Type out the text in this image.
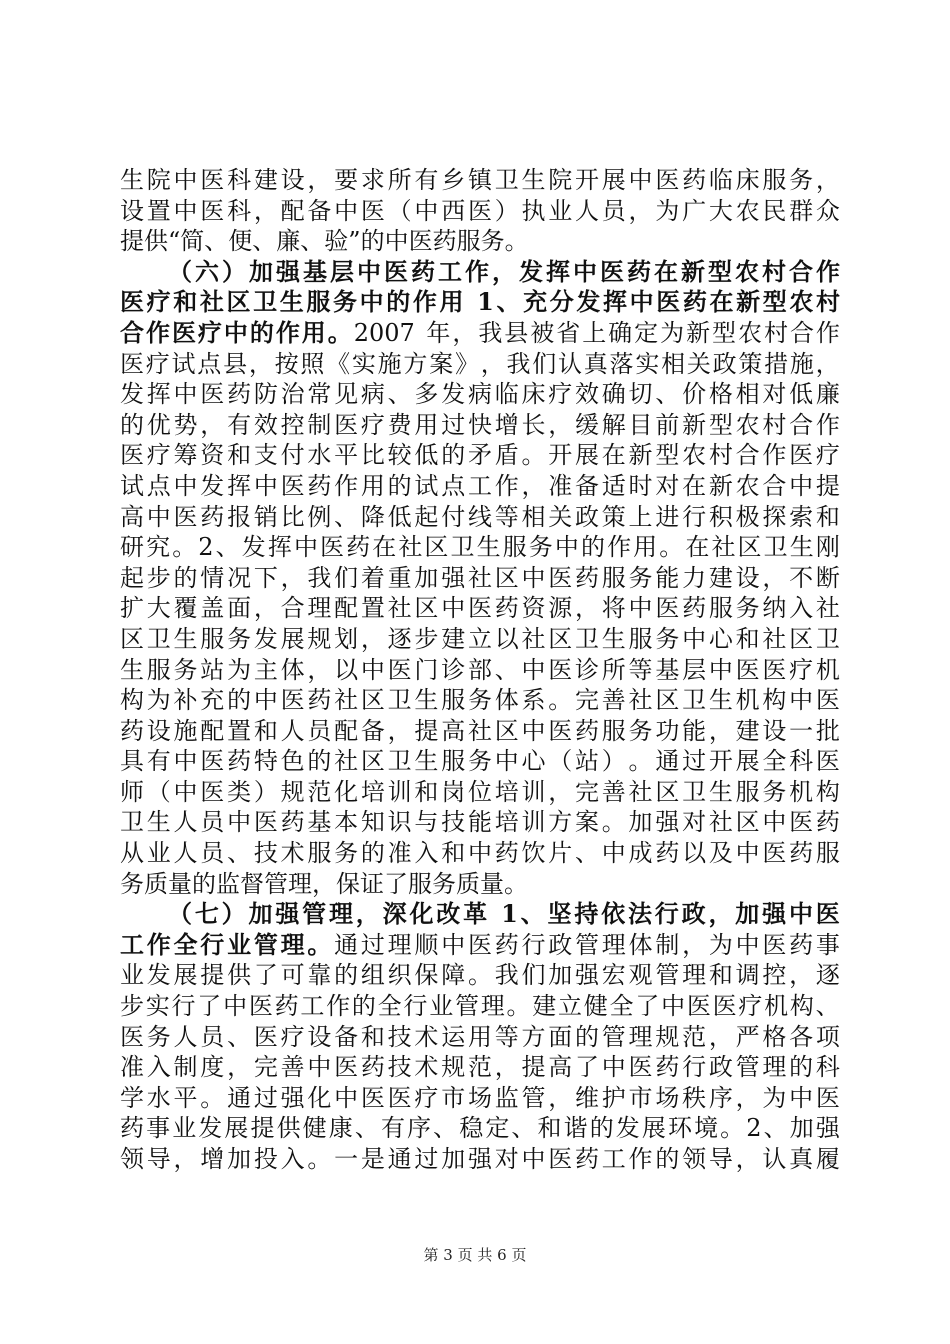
生 院 中 医 科 建 设 ， 要 求 所 有 乡 镇 卫 生 院 开 展 中 医 药 临 床 服 务 ，
设 置 中 医 科 ， 配 备 中 医 （ 中 西 医 ） 执 业 人 员 ， 为 广 大 农 民 群 众
提 供 “ 简 、 便 、 廉 、 验 ” 的 中 医 药 服 务 。
（ 六 ） 加 强 基 层 中 医 药 工 作 ， 发 挥 中 医 药 在 新 型 农 村 合 作
医 疗 和 社 区 卫 生 服 务 中 的 作 用
1 、 充 分 发 挥 中 医 药 在 新 型 农 村
合 作 医 疗 中 的 作 用 。 2007
年 ， 我 县 被 省 上 确 定 为 新 型 农 村 合 作
医 疗 试 点 县 ， 按 照 《 实 施 方 案 》 ， 我 们 认 真 落 实 相 关 政 策 措 施 ，
发 挥 中 医 药 防 治 常 见 病 、 多 发 病 临 床 疗 效 确 切 、 价 格 相 对 低 廉
的 优 势 ， 有 效 控 制 医 疗 费 用 过 快 增 长 ， 缓 解 目 前 新 型 农 村 合 作
医 疗 筹 资 和 支 付 水 平 比 较 低 的 矛 盾 。 开 展 在 新 型 农 村 合 作 医 疗
试 点 中 发 挥 中 医 药 作 用 的 试 点 工 作 ， 准 备 适 时 对 在 新 农 合 中 提
高 中 医 药 报 销 比 例 、 降 低 起 付 线 等 相 关 政 策 上 进 行 积 极 探 索 和
研 究 。 2 、 发 挥 中 医 药 在 社 区 卫 生 服 务 中 的 作 用 。 在 社 区 卫 生 刚
起 步 的 情 况 下 ， 我 们 着 重 加 强 社 区 中 医 药 服 务 能 力 建 设 ， 不 断
扩 大 覆 盖 面 ， 合 理 配 置 社 区 中 医 药 资 源 ， 将 中 医 药 服 务 纳 入 社
区 卫 生 服 务 发 展 规 划 ， 逐 步 建 立 以 社 区 卫 生 服 务 中 心 和 社 区 卫
生 服 务 站 为 主 体 ， 以 中 医 门 诊 部 、 中 医 诊 所 等 基 层 中 医 医 疗 机
构 为 补 充 的 中 医 药 社 区 卫 生 服 务 体 系 。 完 善 社 区 卫 生 机 构 中 医
药 设 施 配 置 和 人 员 配 备 ， 提 高 社 区 中 医 药 服 务 功 能 ， 建 设 一 批
具 有 中 医 药 特 色 的 社 区 卫 生 服 务 中 心 （ 站 ） 。 通 过 开 展 全 科 医
师 （ 中 医 类 ） 规 范 化 培 训 和 岗 位 培 训 ， 完 善 社 区 卫 生 服 务 机 构
卫 生 人 员 中 医 药 基 本 知 识 与 技 能 培 训 方 案 。 加 强 对 社 区 中 医 药
从 业 人 员 、 技 术 服 务 的 准 入 和 中 药 饮 片 、 中 成 药 以 及 中 医 药 服
务 质 量 的 监 督 管 理 ， 保 证 了 服 务 质 量 。
（ 七 ） 加 强 管 理 ， 深 化 改 革
1 、 坚 持 依 法 行 政 ， 加 强 中 医
工 作 全 行 业 管 理 。 通 过 理 顺 中 医 药 行 政 管 理 体 制 ， 为 中 医 药 事
业 发 展 提 供 了 可 靠 的 组 织 保 障 。 我 们 加 强 宏 观 管 理 和 调 控 ， 逐
步 实 行 了 中 医 药 工 作 的 全 行 业 管 理 。 建 立 健 全 了 中 医 医 疗 机 构 、
医 务 人 员 、 医 疗 设 备 和 技 术 运 用 等 方 面 的 管 理 规 范 ， 严 格 各 项
准 入 制 度 ， 完 善 中 医 药 技 术 规 范 ， 提 高 了 中 医 药 行 政 管 理 的 科
学 水 平 。 通 过 强 化 中 医 医 疗 市 场 监 管 ， 维 护 市 场 秩 序 ， 为 中 医
药 事 业 发 展 提 供 健 康 、 有 序 、 稳 定 、 和 谐 的 发 展 环 境 。 2 、 加 强
领 导 ， 增 加 投 入 。 一 是 通 过 加 强 对 中 医 药 工 作 的 领 导 ， 认 真 履
第 3 页 共 6 页
